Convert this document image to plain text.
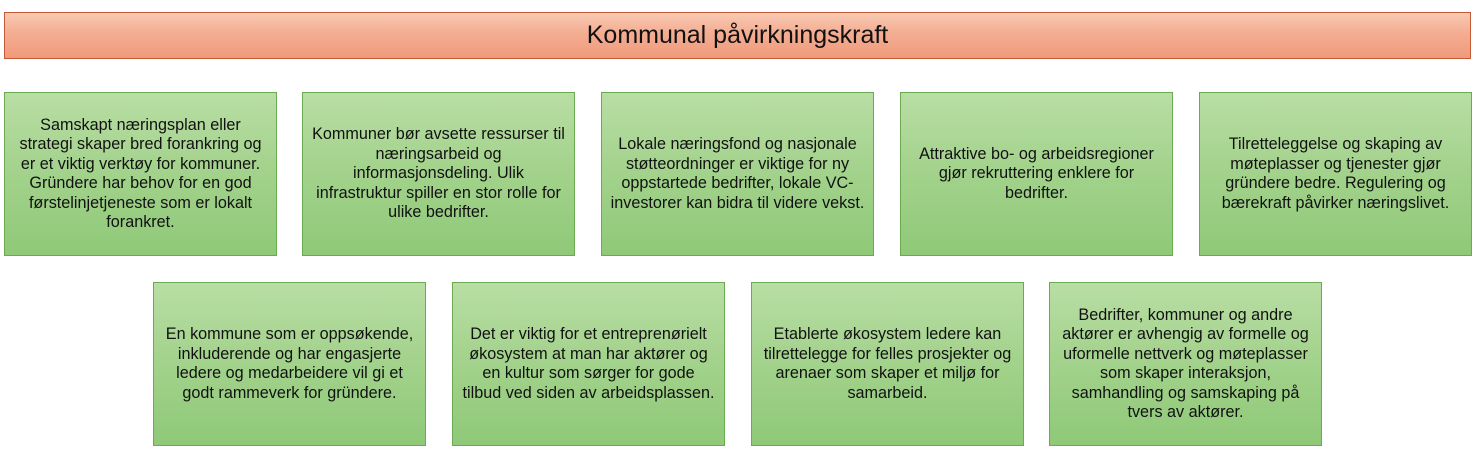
Kommunal påvirkningskraft
Samskapt næringsplan eller strategi skaper bred forankring og er et viktig verktøy for kommuner. Gründere har behov for en god førstelinjetjeneste som er lokalt forankret.
Kommuner bør avsette ressurser til næringsarbeid og informasjonsdeling. Ulik infrastruktur spiller en stor rolle for ulike bedrifter.
Lokale næringsfond og nasjonale støtteordninger er viktige for ny oppstartede bedrifter, lokale VC-investorer kan bidra til videre vekst.
Attraktive bo- og arbeidsregioner gjør rekruttering enklere for bedrifter.
Tilretteleggelse og skaping av møteplasser og tjenester gjør gründere bedre. Regulering og bærekraft påvirker næringslivet.
En kommune som er oppsøkende, inkluderende og har engasjerte ledere og medarbeidere vil gi et godt rammeverk for gründere.
Det er viktig for et entreprenørielt økosystem at man har aktører og en kultur som sørger for gode tilbud ved siden av arbeidsplassen.
Etablerte økosystem ledere kan tilrettelegge for felles prosjekter og arenaer som skaper et miljø for samarbeid.
Bedrifter, kommuner og andre aktører er avhengig av formelle og uformelle nettverk og møteplasser som skaper interaksjon, samhandling og samskaping på tvers av aktører.
